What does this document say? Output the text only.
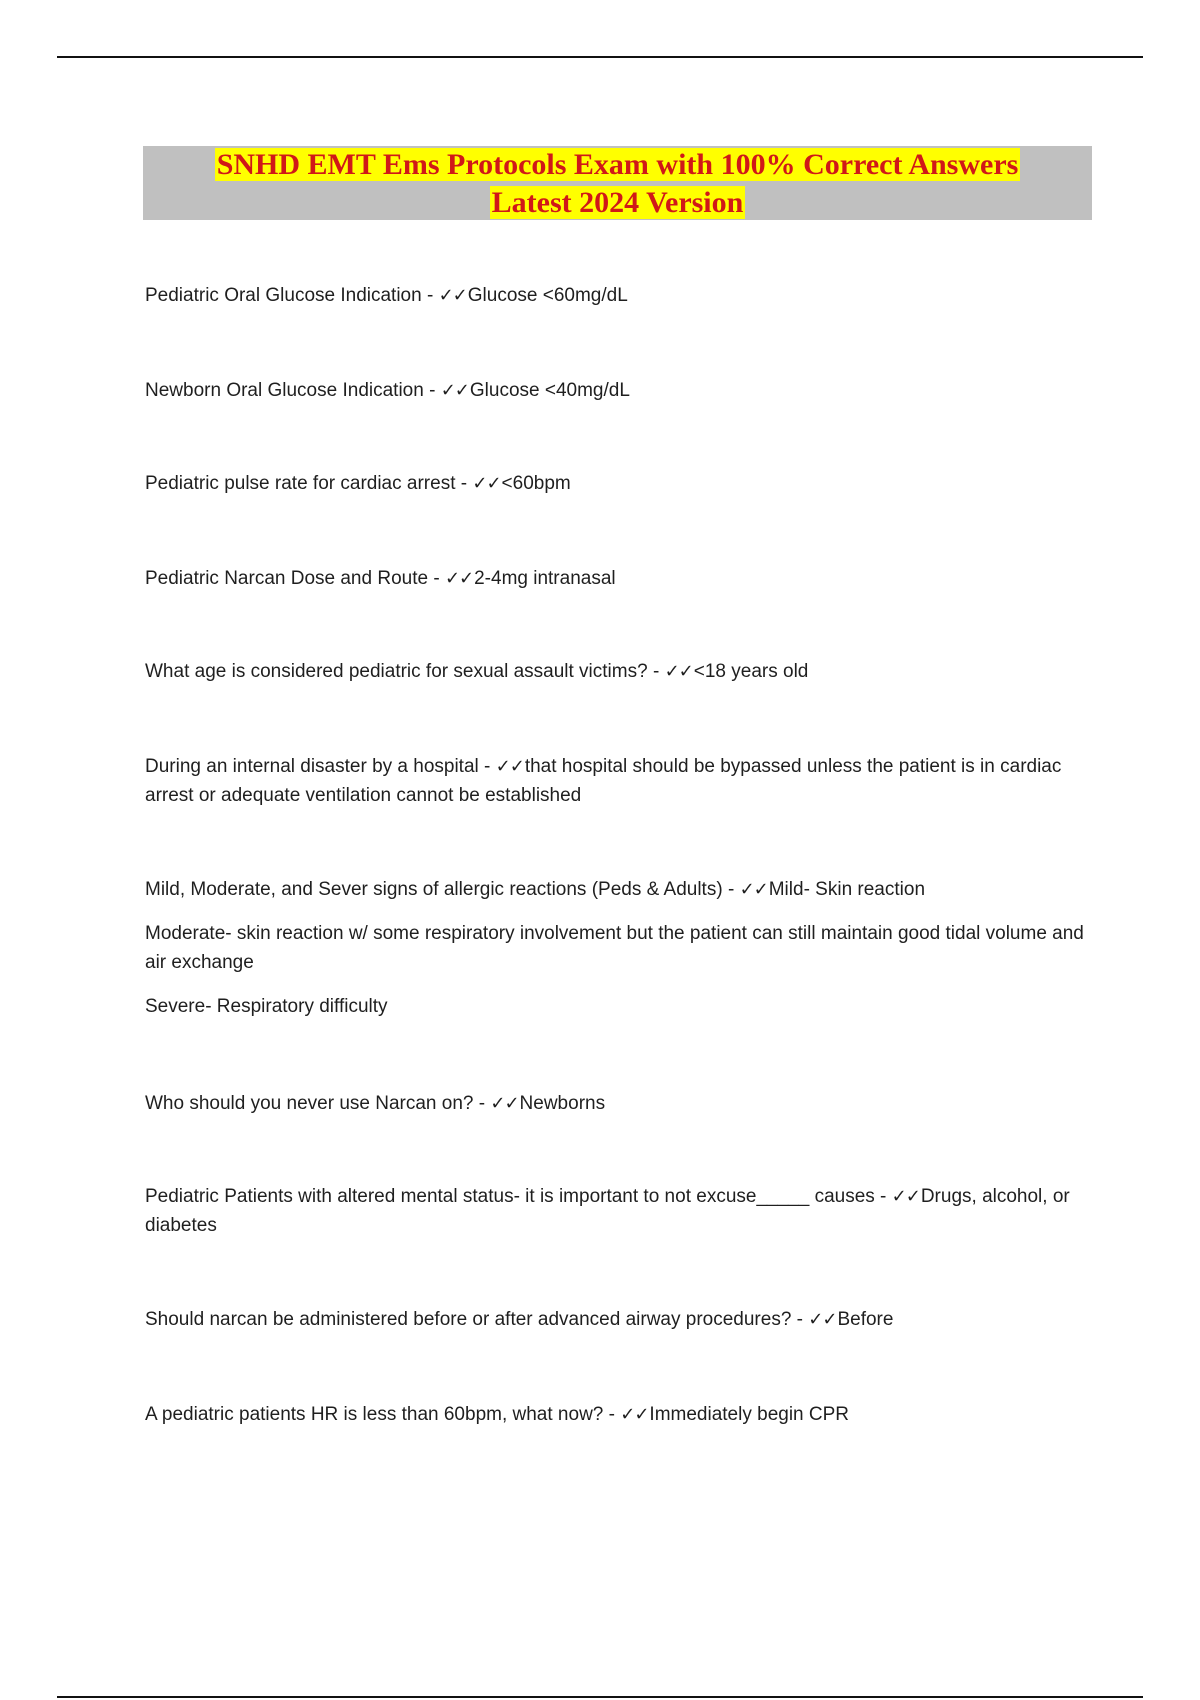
SNHD EMT Ems Protocols Exam with 100% Correct Answers
Latest 2024 Version

Pediatric Oral Glucose Indication - ✓✓Glucose <60mg/dL

Newborn Oral Glucose Indication - ✓✓Glucose <40mg/dL

Pediatric pulse rate for cardiac arrest - ✓✓<60bpm

Pediatric Narcan Dose and Route - ✓✓2-4mg intranasal

What age is considered pediatric for sexual assault victims? - ✓✓<18 years old

During an internal disaster by a hospital - ✓✓that hospital should be bypassed unless the patient is in cardiac arrest or adequate ventilation cannot be established

Mild, Moderate, and Sever signs of allergic reactions (Peds & Adults) - ✓✓Mild- Skin reaction

Moderate- skin reaction w/ some respiratory involvement but the patient can still maintain good tidal volume and air exchange

Severe- Respiratory difficulty

Who should you never use Narcan on? - ✓✓Newborns

Pediatric Patients with altered mental status- it is important to not excuse_____ causes - ✓✓Drugs, alcohol, or diabetes

Should narcan be administered before or after advanced airway procedures? - ✓✓Before

A pediatric patients HR is less than 60bpm, what now? - ✓✓Immediately begin CPR
